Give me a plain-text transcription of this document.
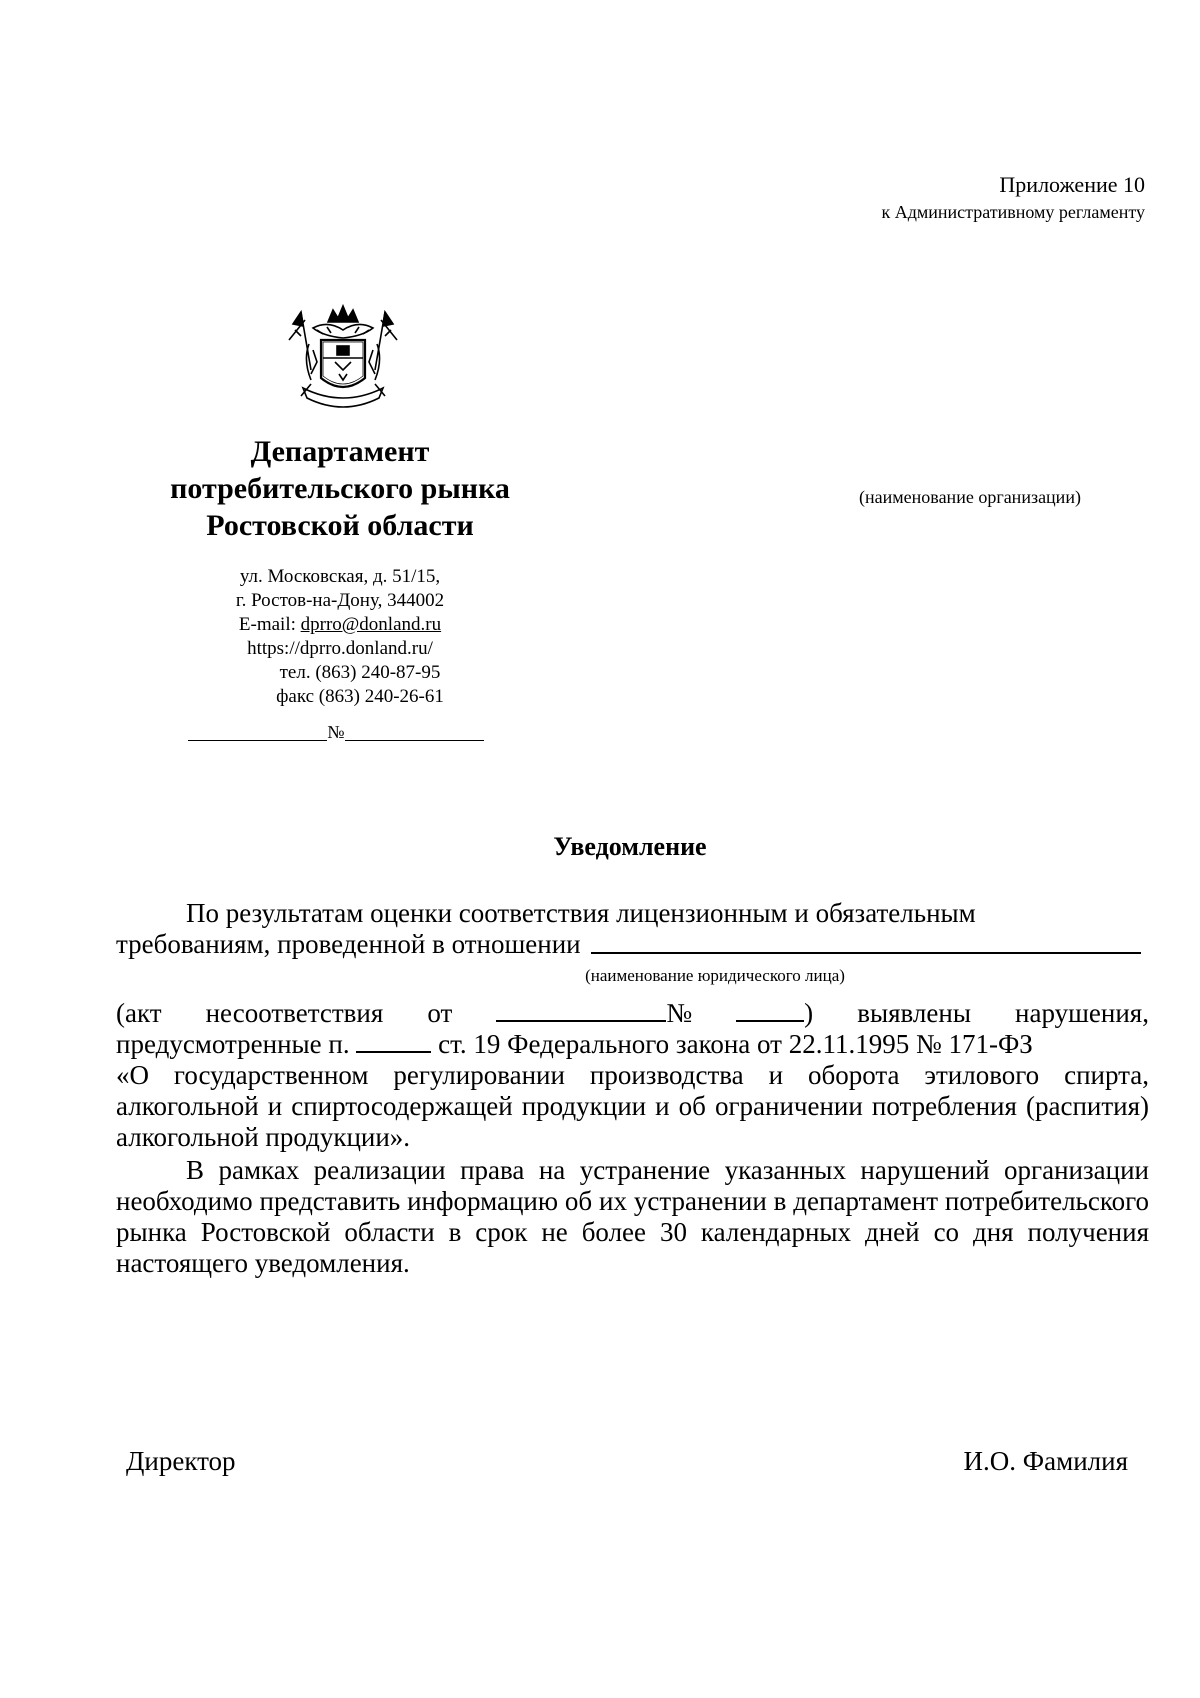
Приложение 10
к Административному регламенту
Департамент
потребительского рынка
Ростовской области
(наименование организации)
ул. Московская, д. 51/15,
г. Ростов-на-Дону, 344002
E-mail: dprro@donland.ru
https://dprro.donland.ru/
тел. (863) 240-87-95
факс (863) 240-26-61
№
Уведомление
По результатам оценки соответствия лицензионным и обязательным
требованиям, проведенной в отношении
(наименование юридического лица)
(акт несоответствия от	№	) выявлены нарушения,
предусмотренные п.	ст. 19 Федерального закона от 22.11.1995 № 171-ФЗ
«О государственном регулировании производства и оборота этилового спирта, алкогольной и спиртосодержащей продукции и об ограничении потребления (распития) алкогольной продукции».
В рамках реализации права на устранение указанных нарушений организации необходимо представить информацию об их устранении в департамент потребительского рынка Ростовской области в срок не более 30 календарных дней со дня получения настоящего уведомления.
Директор	И.О. Фамилия
